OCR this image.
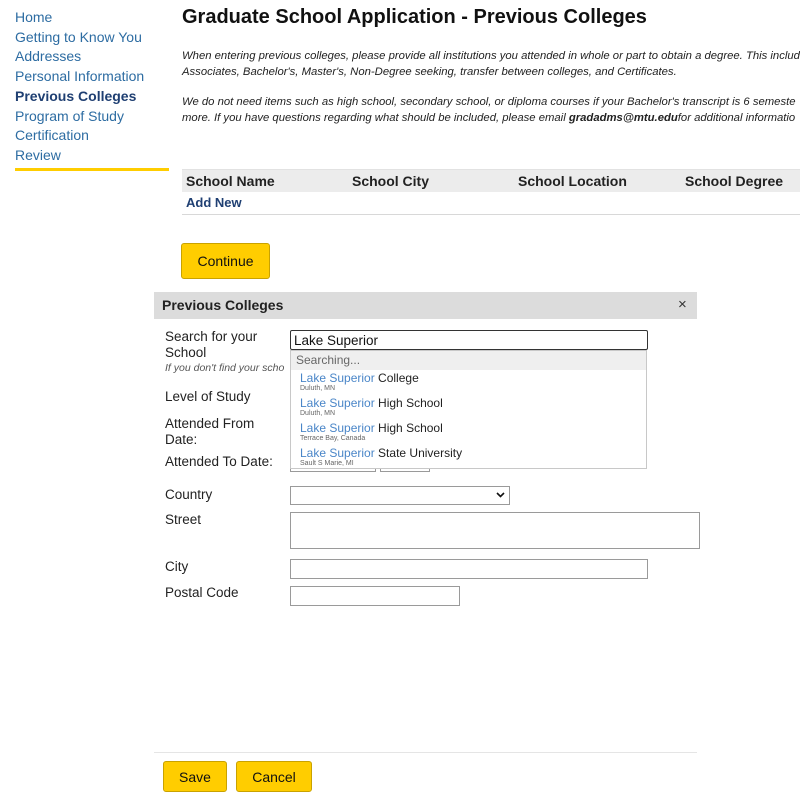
Home
Getting to Know You
Addresses
Personal Information
Previous Colleges
Program of Study
Certification
Review
Graduate School Application - Previous Colleges
When entering previous colleges, please provide all institutions you attended in whole or part to obtain a degree. This includ
Associates, Bachelor's, Master's, Non-Degree seeking, transfer between colleges, and Certificates.
We do not need items such as high school, secondary school, or diploma courses if your Bachelor's transcript is 6 semeste
more. If you have questions regarding what should be included, please email gradadms@mtu.edufor additional informatio
School Name	School City	School Location	School Degree
Add New
Continue
Previous Colleges	×
Search for your School
If you don't find your scho
Lake Superior
Level of Study
Attended From Date:
Attended To Date:
Country
Street
City
Postal Code
Searching...
Lake Superior College
Duluth, MN
Lake Superior High School
Duluth, MN
Lake Superior High School
Terrace Bay, Canada
Lake Superior State University
Sault S Marie, MI
Save	Cancel
